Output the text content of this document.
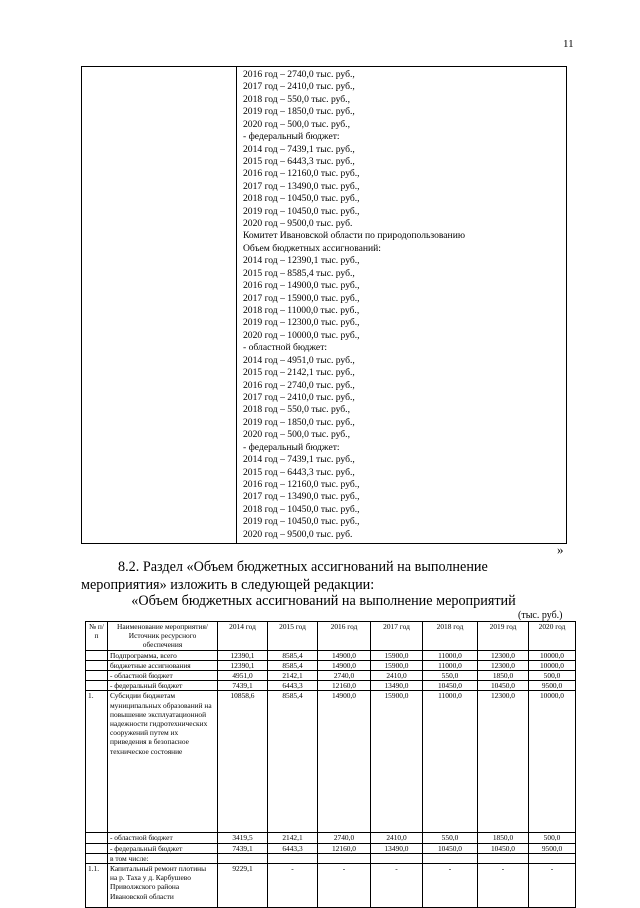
11

2016 год – 2740,0 тыс. руб.,
2017 год – 2410,0 тыс. руб.,
2018 год – 550,0 тыс. руб.,
2019 год – 1850,0 тыс. руб.,
2020 год – 500,0 тыс. руб.,
- федеральный бюджет:
2014 год – 7439,1 тыс. руб.,
2015 год – 6443,3 тыс. руб.,
2016 год – 12160,0 тыс. руб.,
2017 год – 13490,0 тыс. руб.,
2018 год – 10450,0 тыс. руб.,
2019 год – 10450,0 тыс. руб.,
2020 год – 9500,0 тыс. руб.
Комитет Ивановской области по природопользованию
Объем бюджетных ассигнований:
2014 год – 12390,1 тыс. руб.,
2015 год – 8585,4 тыс. руб.,
2016 год – 14900,0 тыс. руб.,
2017 год – 15900,0 тыс. руб.,
2018 год – 11000,0 тыс. руб.,
2019 год – 12300,0 тыс. руб.,
2020 год – 10000,0 тыс. руб.,
- областной бюджет:
2014 год – 4951,0 тыс. руб.,
2015 год – 2142,1 тыс. руб.,
2016 год – 2740,0 тыс. руб.,
2017 год – 2410,0 тыс. руб.,
2018 год – 550,0 тыс. руб.,
2019 год – 1850,0 тыс. руб.,
2020 год – 500,0 тыс. руб.,
- федеральный бюджет:
2014 год – 7439,1 тыс. руб.,
2015 год – 6443,3 тыс. руб.,
2016 год – 12160,0 тыс. руб.,
2017 год – 13490,0 тыс. руб.,
2018 год – 10450,0 тыс. руб.,
2019 год – 10450,0 тыс. руб.,
2020 год – 9500,0 тыс. руб.
»
8.2. Раздел «Объем бюджетных ассигнований на выполнение
мероприятия» изложить в следующей редакции:
«Объем бюджетных ассигнований на выполнение мероприятий
(тыс. руб.)
№ п/п	Наименование мероприятия/Источник ресурсного обеспечения	2014 год	2015 год	2016 год	2017 год	2018 год	2019 год	2020 год
	Подпрограмма, всего	12390,1	8585,4	14900,0	15900,0	11000,0	12300,0	10000,0
	бюджетные ассигнования	12390,1	8585,4	14900,0	15900,0	11000,0	12300,0	10000,0
	- областной бюджет	4951,0	2142,1	2740,0	2410,0	550,0	1850,0	500,0
	- федеральный бюджет	7439,1	6443,3	12160,0	13490,0	10450,0	10450,0	9500,0
1.	Субсидии бюджетам муниципальных образований на повышение эксплуатационной надежности гидротехнических сооружений путем их приведения в безопасное техническое состояние	10858,6	8585,4	14900,0	15900,0	11000,0	12300,0	10000,0
	- областной бюджет	3419,5	2142,1	2740,0	2410,0	550,0	1850,0	500,0
	- федеральный бюджет	7439,1	6443,3	12160,0	13490,0	10450,0	10450,0	9500,0
	в том числе:							
1.1.	Капитальный ремонт плотины на р. Таха у д. Карбушево Приволжского района Ивановской области	9229,1	-	-	-	-	-	-
